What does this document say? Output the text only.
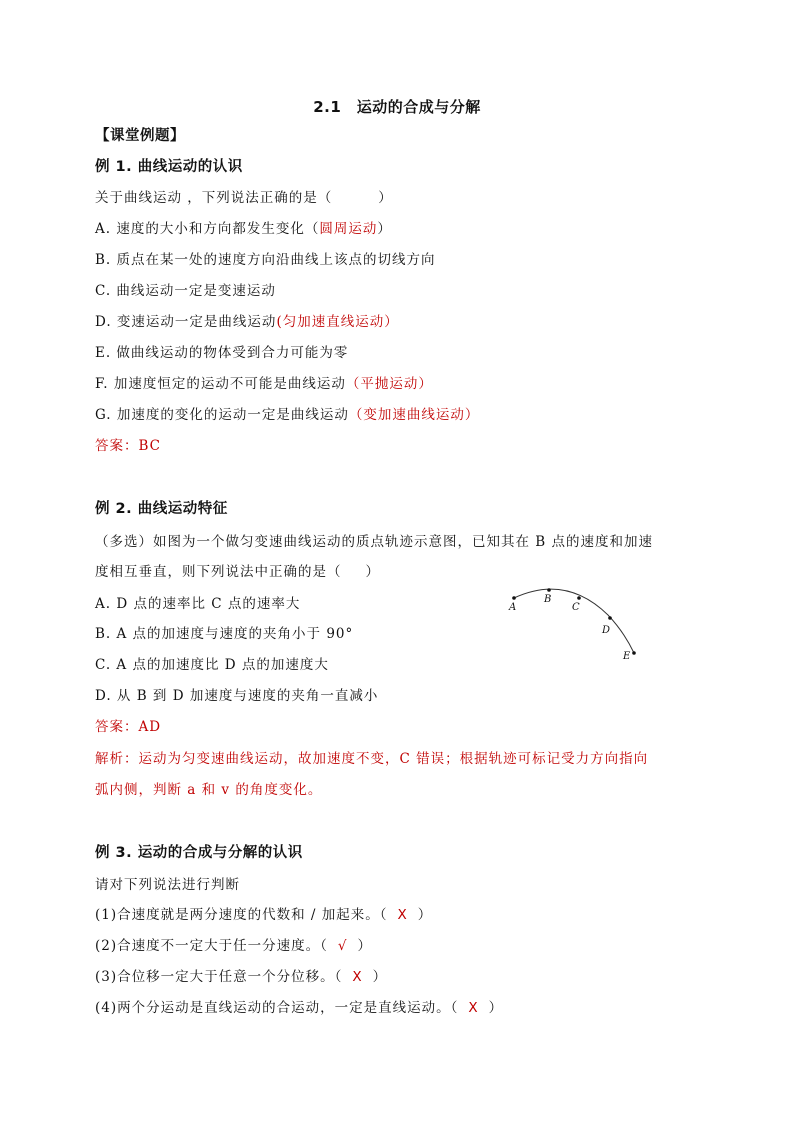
2.1　运动的合成与分解
【课堂例题】
例 1. 曲线运动的认识
关于曲线运动 ，下列说法正确的是（	）
A. 速度的大小和方向都发生变化（圆周运动）
B. 质点在某一处的速度方向沿曲线上该点的切线方向
C. 曲线运动一定是变速运动
D. 变速运动一定是曲线运动(匀加速直线运动）
E. 做曲线运动的物体受到合力可能为零
F. 加速度恒定的运动不可能是曲线运动（平抛运动）
G. 加速度的变化的运动一定是曲线运动（变加速曲线运动）
答案：BC
例 2. 曲线运动特征
（多选）如图为一个做匀变速曲线运动的质点轨迹示意图，已知其在 B 点的速度和加速
度相互垂直，则下列说法中正确的是（ ）
A. D 点的速率比 C 点的速率大
B. A 点的加速度与速度的夹角小于 90°
C. A 点的加速度比 D 点的加速度大
D. 从 B 到 D 加速度与速度的夹角一直减小
答案：AD
解析：运动为匀变速曲线运动，故加速度不变，C 错误；根据轨迹可标记受力方向指向
弧内侧，判断 a 和 v 的角度变化。
A
B
C
D
E
例 3. 运动的合成与分解的认识
请对下列说法进行判断
(1)合速度就是两分速度的代数和 / 加起来。（ X ）
(2)合速度不一定大于任一分速度。（ √ ）
(3)合位移一定大于任意一个分位移。（ X ）
(4)两个分运动是直线运动的合运动，一定是直线运动。（ X ）
